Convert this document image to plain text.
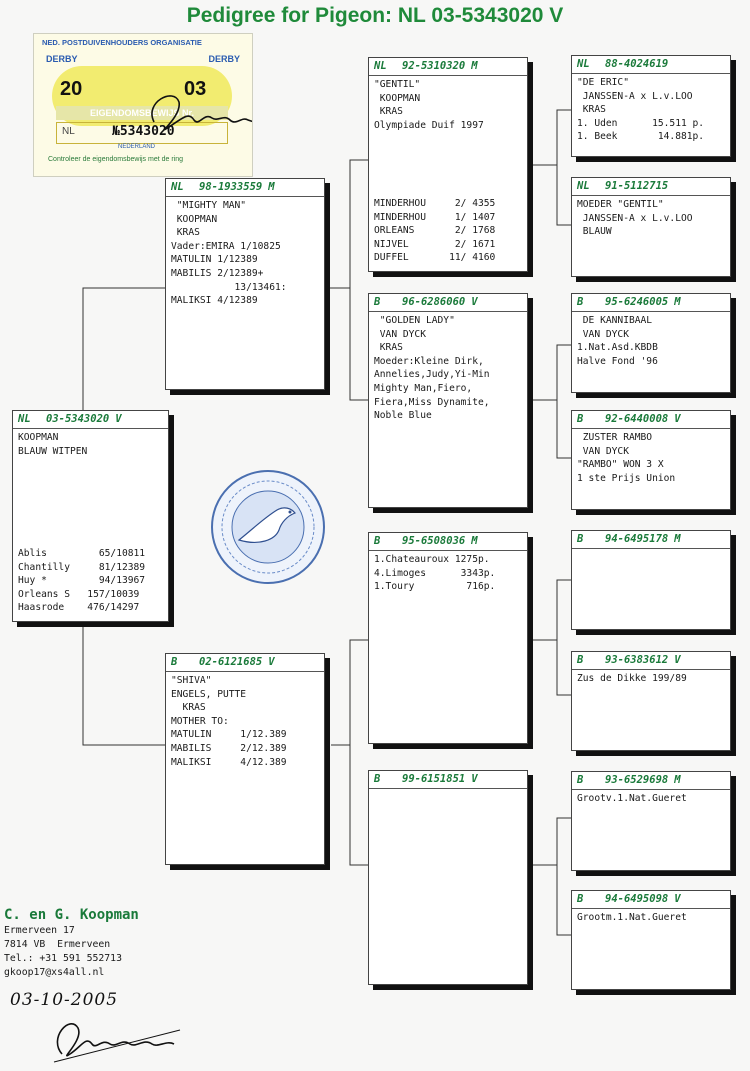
Pedigree for Pigeon: NL 03-5343020 V
NED. POSTDUIVENHOUDERS ORGANISATIE
DERBY	DERBY
20	03
EIGENDOMSBEWIJS Nr.
NL	№5343020
NEDERLAND
Controleer de eigendomsbewijs met de ring
NL 03-5343020 V
KOOPMAN
BLAUW WITPEN
Ablis         65/10811
Chantilly     81/12389
Huy *         94/13967
Orleans S   157/10039
Haasrode    476/14297
NL 98-1933559 M
"MIGHTY MAN"
KOOPMAN
KRAS
Vader:EMIRA 1/10825
MATULIN 1/12389
MABILIS 2/12389+
13/13461:
MALIKSI 4/12389
B 02-6121685 V
"SHIVA"
ENGELS, PUTTE
KRAS
MOTHER TO:
MATULIN     1/12.389
MABILIS     2/12.389
MALIKSI     4/12.389
NL 92-5310320 M
"GENTIL"
KOOPMAN
KRAS
Olympiade Duif 1997
MINDERHOU     2/ 4355
MINDERHOU     1/ 1407
ORLEANS       2/ 1768
NIJVEL        2/ 1671
DUFFEL       11/ 4160
B 96-6286060 V
"GOLDEN LADY"
VAN DYCK
KRAS
Moeder:Kleine Dirk,
Annelies,Judy,Yi-Min
Mighty Man,Fiero,
Fiera,Miss Dynamite,
Noble Blue
B 95-6508036 M
1.Chateauroux 1275p.
4.Limoges      3343p.
1.Toury         716p.
B 99-6151851 V
NL 88-4024619
"DE ERIC"
JANSSEN-A x L.v.LOO
KRAS
1. Uden      15.511 p.
1. Beek       14.881p.
NL 91-5112715
MOEDER "GENTIL"
JANSSEN-A x L.v.LOO
BLAUW
B 95-6246005 M
DE KANNIBAAL
VAN DYCK
1.Nat.Asd.KBDB
Halve Fond '96
B 92-6440008 V
ZUSTER RAMBO
VAN DYCK
"RAMBO" WON 3 X
1 ste Prijs Union
B 94-6495178 M
B 93-6383612 V
Zus de Dikke 199/89
B 93-6529698 M
Grootv.1.Nat.Gueret
B 94-6495098 V
Grootm.1.Nat.Gueret
C. en G. Koopman
Ermerveen 17
7814 VB  Ermerveen
Tel.: +31 591 552713
gkoop17@xs4all.nl
03-10-2005
